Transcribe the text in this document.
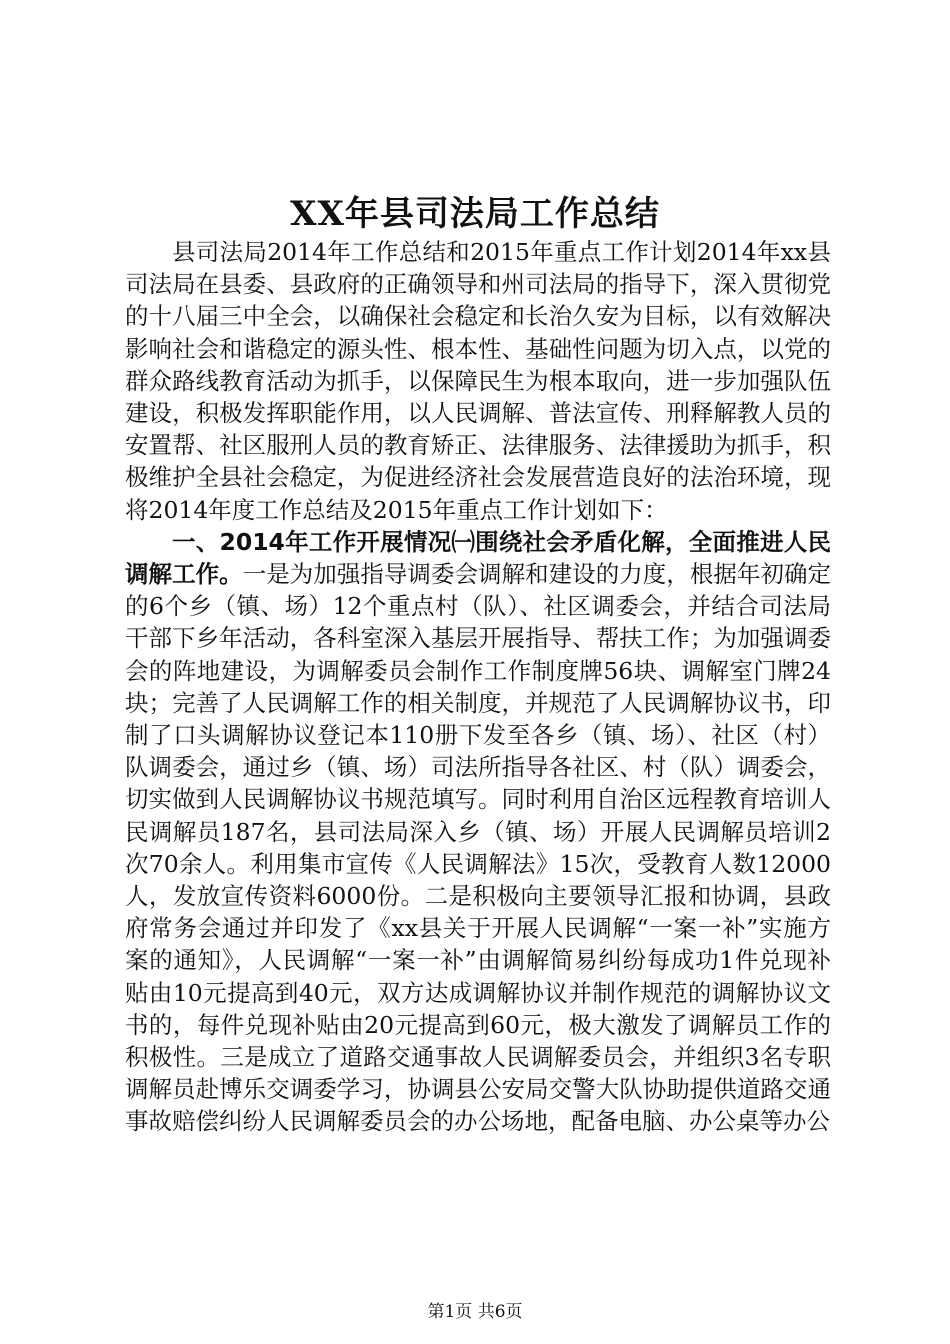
XX年县司法局工作总结

县司法局2014年工作总结和2015年重点工作计划2014年xx县司法局在县委、县政府的正确领导和州司法局的指导下，深入贯彻党的十八届三中全会，以确保社会稳定和长治久安为目标，以有效解决影响社会和谐稳定的源头性、根本性、基础性问题为切入点，以党的群众路线教育活动为抓手，以保障民生为根本取向，进一步加强队伍建设，积极发挥职能作用，以人民调解、普法宣传、刑释解教人员的安置帮、社区服刑人员的教育矫正、法律服务、法律援助为抓手，积极维护全县社会稳定，为促进经济社会发展营造良好的法治环境，现将2014年度工作总结及2015年重点工作计划如下：

一、2014年工作开展情况㈠围绕社会矛盾化解，全面推进人民调解工作。一是为加强指导调委会调解和建设的力度，根据年初确定的6个乡（镇、场）12个重点村（队）、社区调委会，并结合司法局干部下乡年活动，各科室深入基层开展指导、帮扶工作；为加强调委会的阵地建设，为调解委员会制作工作制度牌56块、调解室门牌24块；完善了人民调解工作的相关制度，并规范了人民调解协议书，印制了口头调解协议登记本110册下发至各乡（镇、场）、社区（村）队调委会，通过乡（镇、场）司法所指导各社区、村（队）调委会，切实做到人民调解协议书规范填写。同时利用自治区远程教育培训人民调解员187名，县司法局深入乡（镇、场）开展人民调解员培训2次70余人。利用集市宣传《人民调解法》15次，受教育人数12000人，发放宣传资料6000份。二是积极向主要领导汇报和协调，县政府常务会通过并印发了《xx县关于开展人民调解“一案一补”实施方案的通知》，人民调解“一案一补”由调解简易纠纷每成功1件兑现补贴由10元提高到40元，双方达成调解协议并制作规范的调解协议文书的，每件兑现补贴由20元提高到60元，极大激发了调解员工作的积极性。三是成立了道路交通事故人民调解委员会，并组织3名专职调解员赴博乐交调委学习，协调县公安局交警大队协助提供道路交通事故赔偿纠纷人民调解委员会的办公场地，配备电脑、办公桌等办公

第1页 共6页
